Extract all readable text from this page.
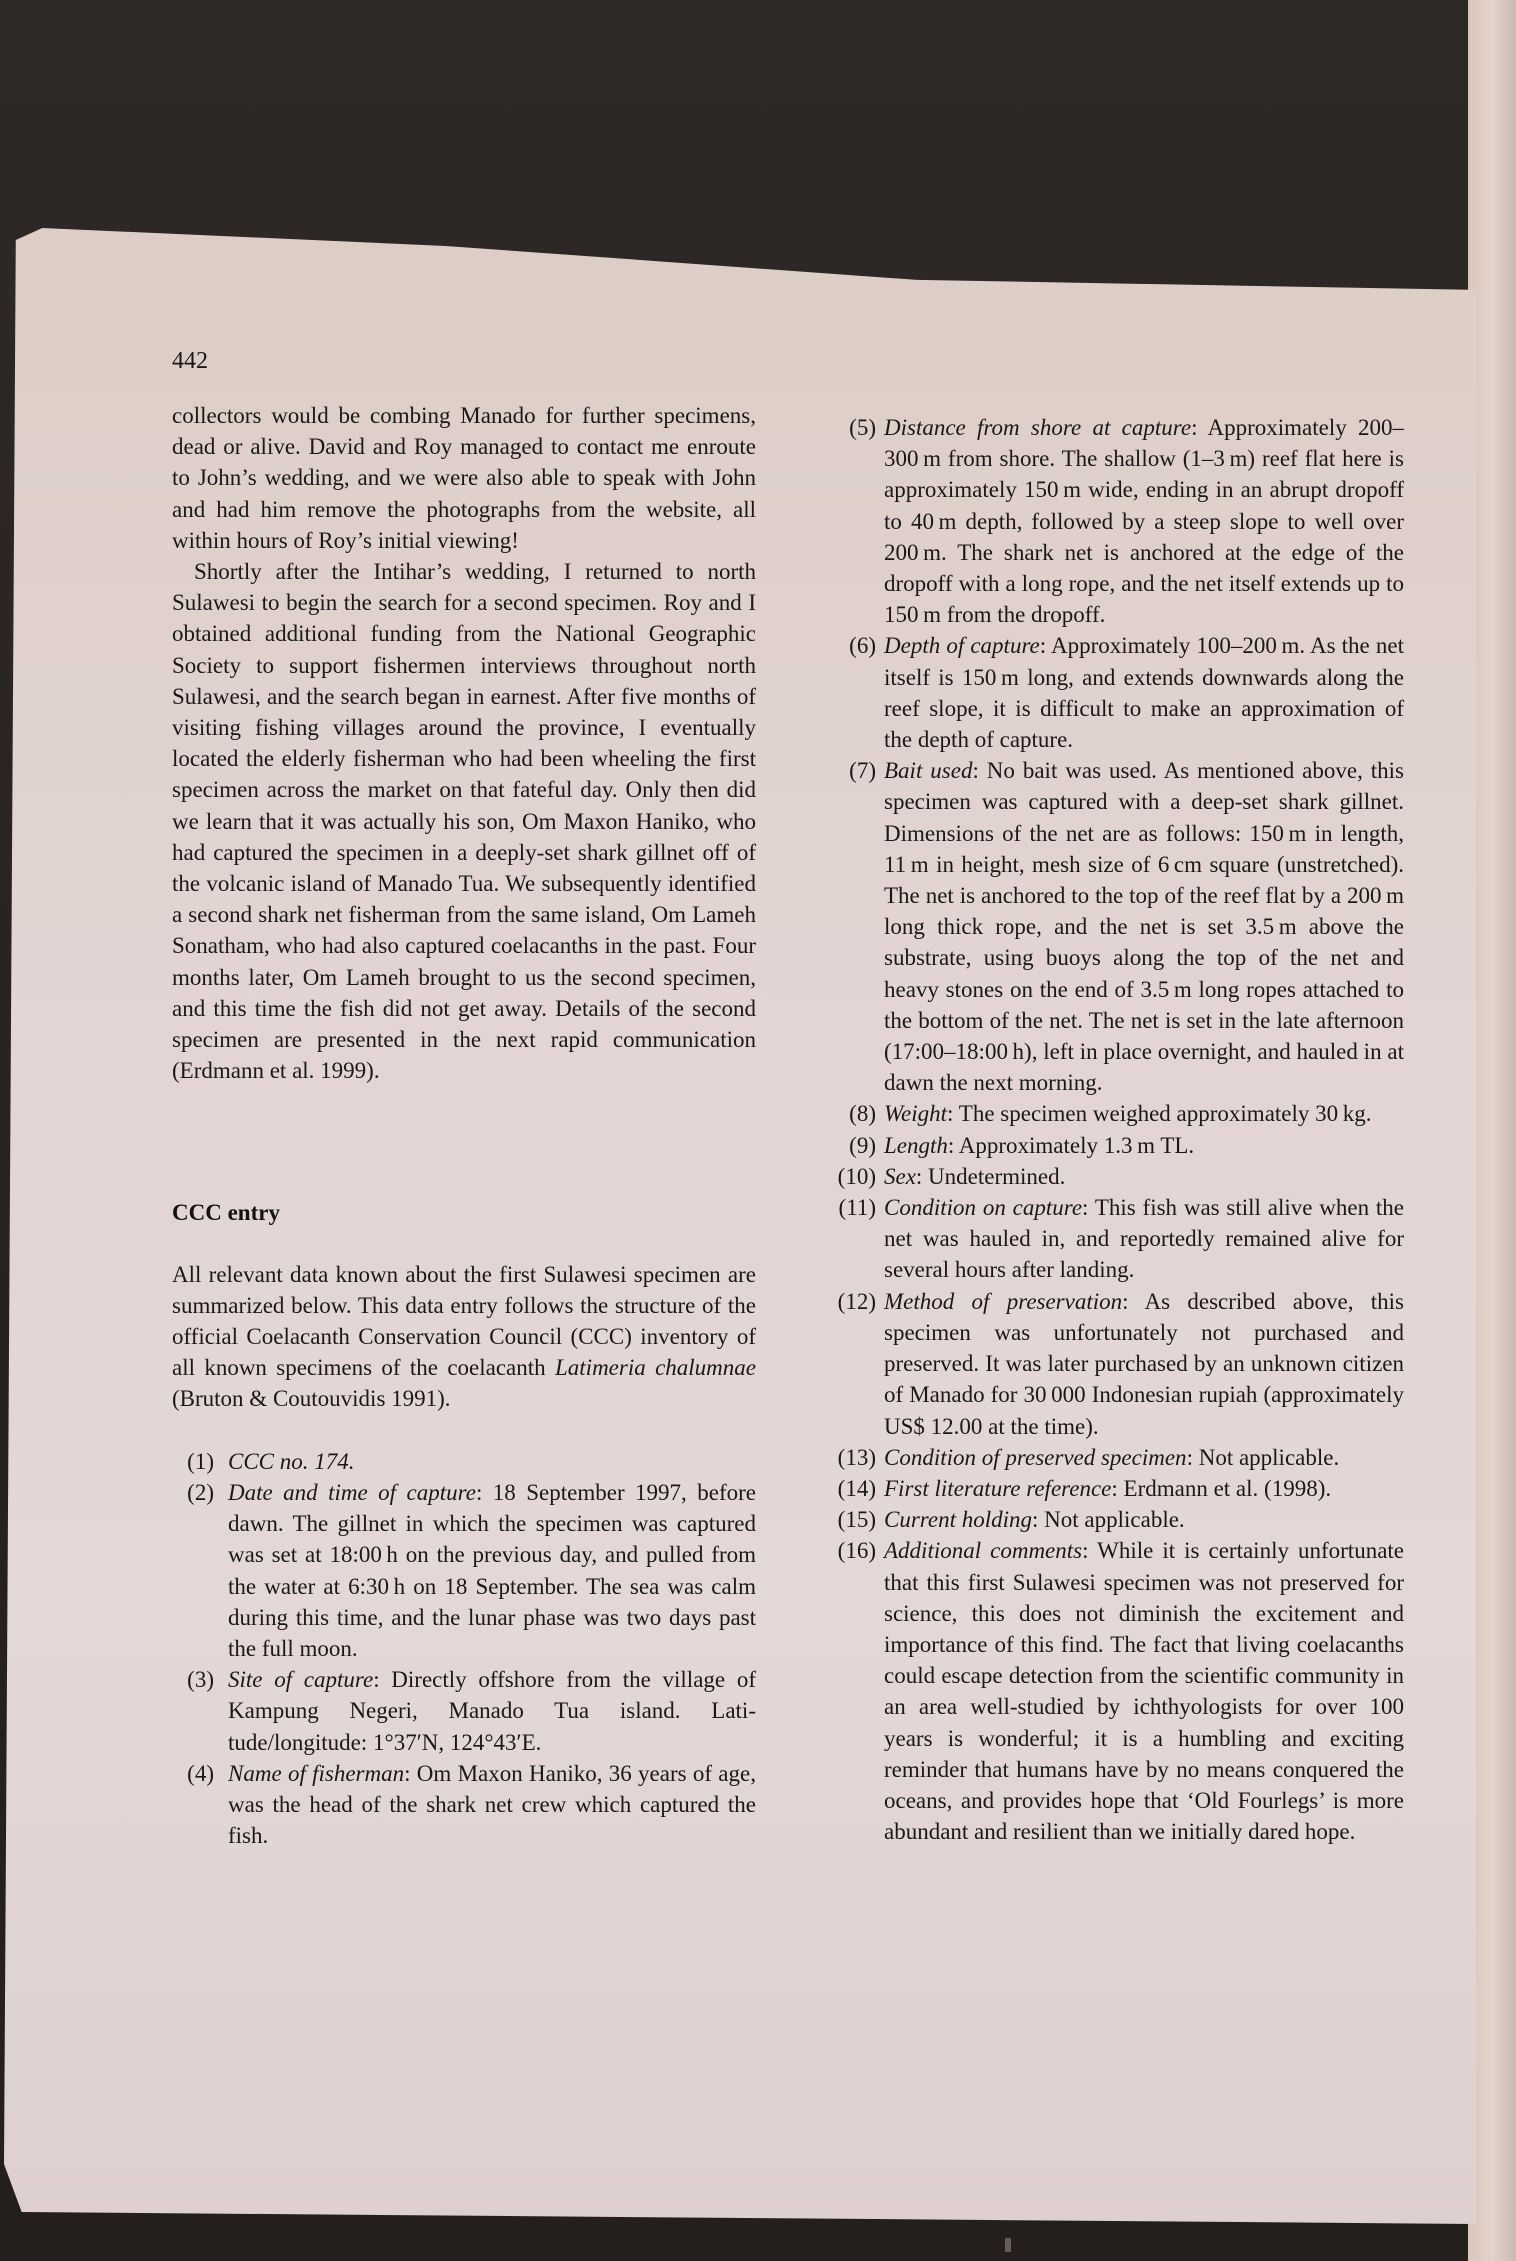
442

collectors would be combing Manado for further specimens, dead or alive. David and Roy managed to contact me enroute to John’s wedding, and we were also able to speak with John and had him remove the photographs from the website, all within hours of Roy’s initial viewing!

Shortly after the Intihar’s wedding, I returned to north Sulawesi to begin the search for a second specimen. Roy and I obtained additional funding from the National Geographic Society to support fishermen interviews throughout north Sulawesi, and the search began in earnest. After five months of visiting fishing villages around the province, I eventually located the elderly fisherman who had been wheeling the first specimen across the market on that fateful day. Only then did we learn that it was actually his son, Om Maxon Haniko, who had captured the specimen in a deeply-set shark gillnet off of the volcanic island of Manado Tua. We subsequently identified a second shark net fisherman from the same island, Om Lameh Sonatham, who had also captured coelacanths in the past. Four months later, Om Lameh brought to us the second specimen, and this time the fish did not get away. Details of the second specimen are presented in the next rapid communication (Erdmann et al. 1999).

CCC entry

All relevant data known about the first Sulawesi specimen are summarized below. This data entry follows the structure of the official Coelacanth Conservation Council (CCC) inventory of all known specimens of the coelacanth Latimeria chalumnae (Bruton & Coutouvidis 1991).

(1) CCC no. 174.
(2) Date and time of capture: 18 September 1997, before dawn. The gillnet in which the specimen was captured was set at 18:00 h on the previous day, and pulled from the water at 6:30 h on 18 September. The sea was calm during this time, and the lunar phase was two days past the full moon.
(3) Site of capture: Directly offshore from the village of Kampung Negeri, Manado Tua island. Latitude/longitude: 1°37′N, 124°43′E.
(4) Name of fisherman: Om Maxon Haniko, 36 years of age, was the head of the shark net crew which captured the fish.
(5) Distance from shore at capture: Approximately 200–300 m from shore. The shallow (1–3 m) reef flat here is approximately 150 m wide, ending in an abrupt dropoff to 40 m depth, followed by a steep slope to well over 200 m. The shark net is anchored at the edge of the dropoff with a long rope, and the net itself extends up to 150 m from the dropoff.
(6) Depth of capture: Approximately 100–200 m. As the net itself is 150 m long, and extends downwards along the reef slope, it is difficult to make an approximation of the depth of capture.
(7) Bait used: No bait was used. As mentioned above, this specimen was captured with a deep-set shark gillnet. Dimensions of the net are as follows: 150 m in length, 11 m in height, mesh size of 6 cm square (unstretched). The net is anchored to the top of the reef flat by a 200 m long thick rope, and the net is set 3.5 m above the substrate, using buoys along the top of the net and heavy stones on the end of 3.5 m long ropes attached to the bottom of the net. The net is set in the late afternoon (17:00–18:00 h), left in place overnight, and hauled in at dawn the next morning.
(8) Weight: The specimen weighed approximately 30 kg.
(9) Length: Approximately 1.3 m TL.
(10) Sex: Undetermined.
(11) Condition on capture: This fish was still alive when the net was hauled in, and reportedly remained alive for several hours after landing.
(12) Method of preservation: As described above, this specimen was unfortunately not purchased and preserved. It was later purchased by an unknown citizen of Manado for 30 000 Indonesian rupiah (approximately US$ 12.00 at the time).
(13) Condition of preserved specimen: Not applicable.
(14) First literature reference: Erdmann et al. (1998).
(15) Current holding: Not applicable.
(16) Additional comments: While it is certainly unfortunate that this first Sulawesi specimen was not preserved for science, this does not diminish the excitement and importance of this find. The fact that living coelacanths could escape detection from the scientific community in an area well-studied by ichthyologists for over 100 years is wonderful; it is a humbling and exciting reminder that humans have by no means conquered the oceans, and provides hope that ‘Old Fourlegs’ is more abundant and resilient than we initially dared hope.
